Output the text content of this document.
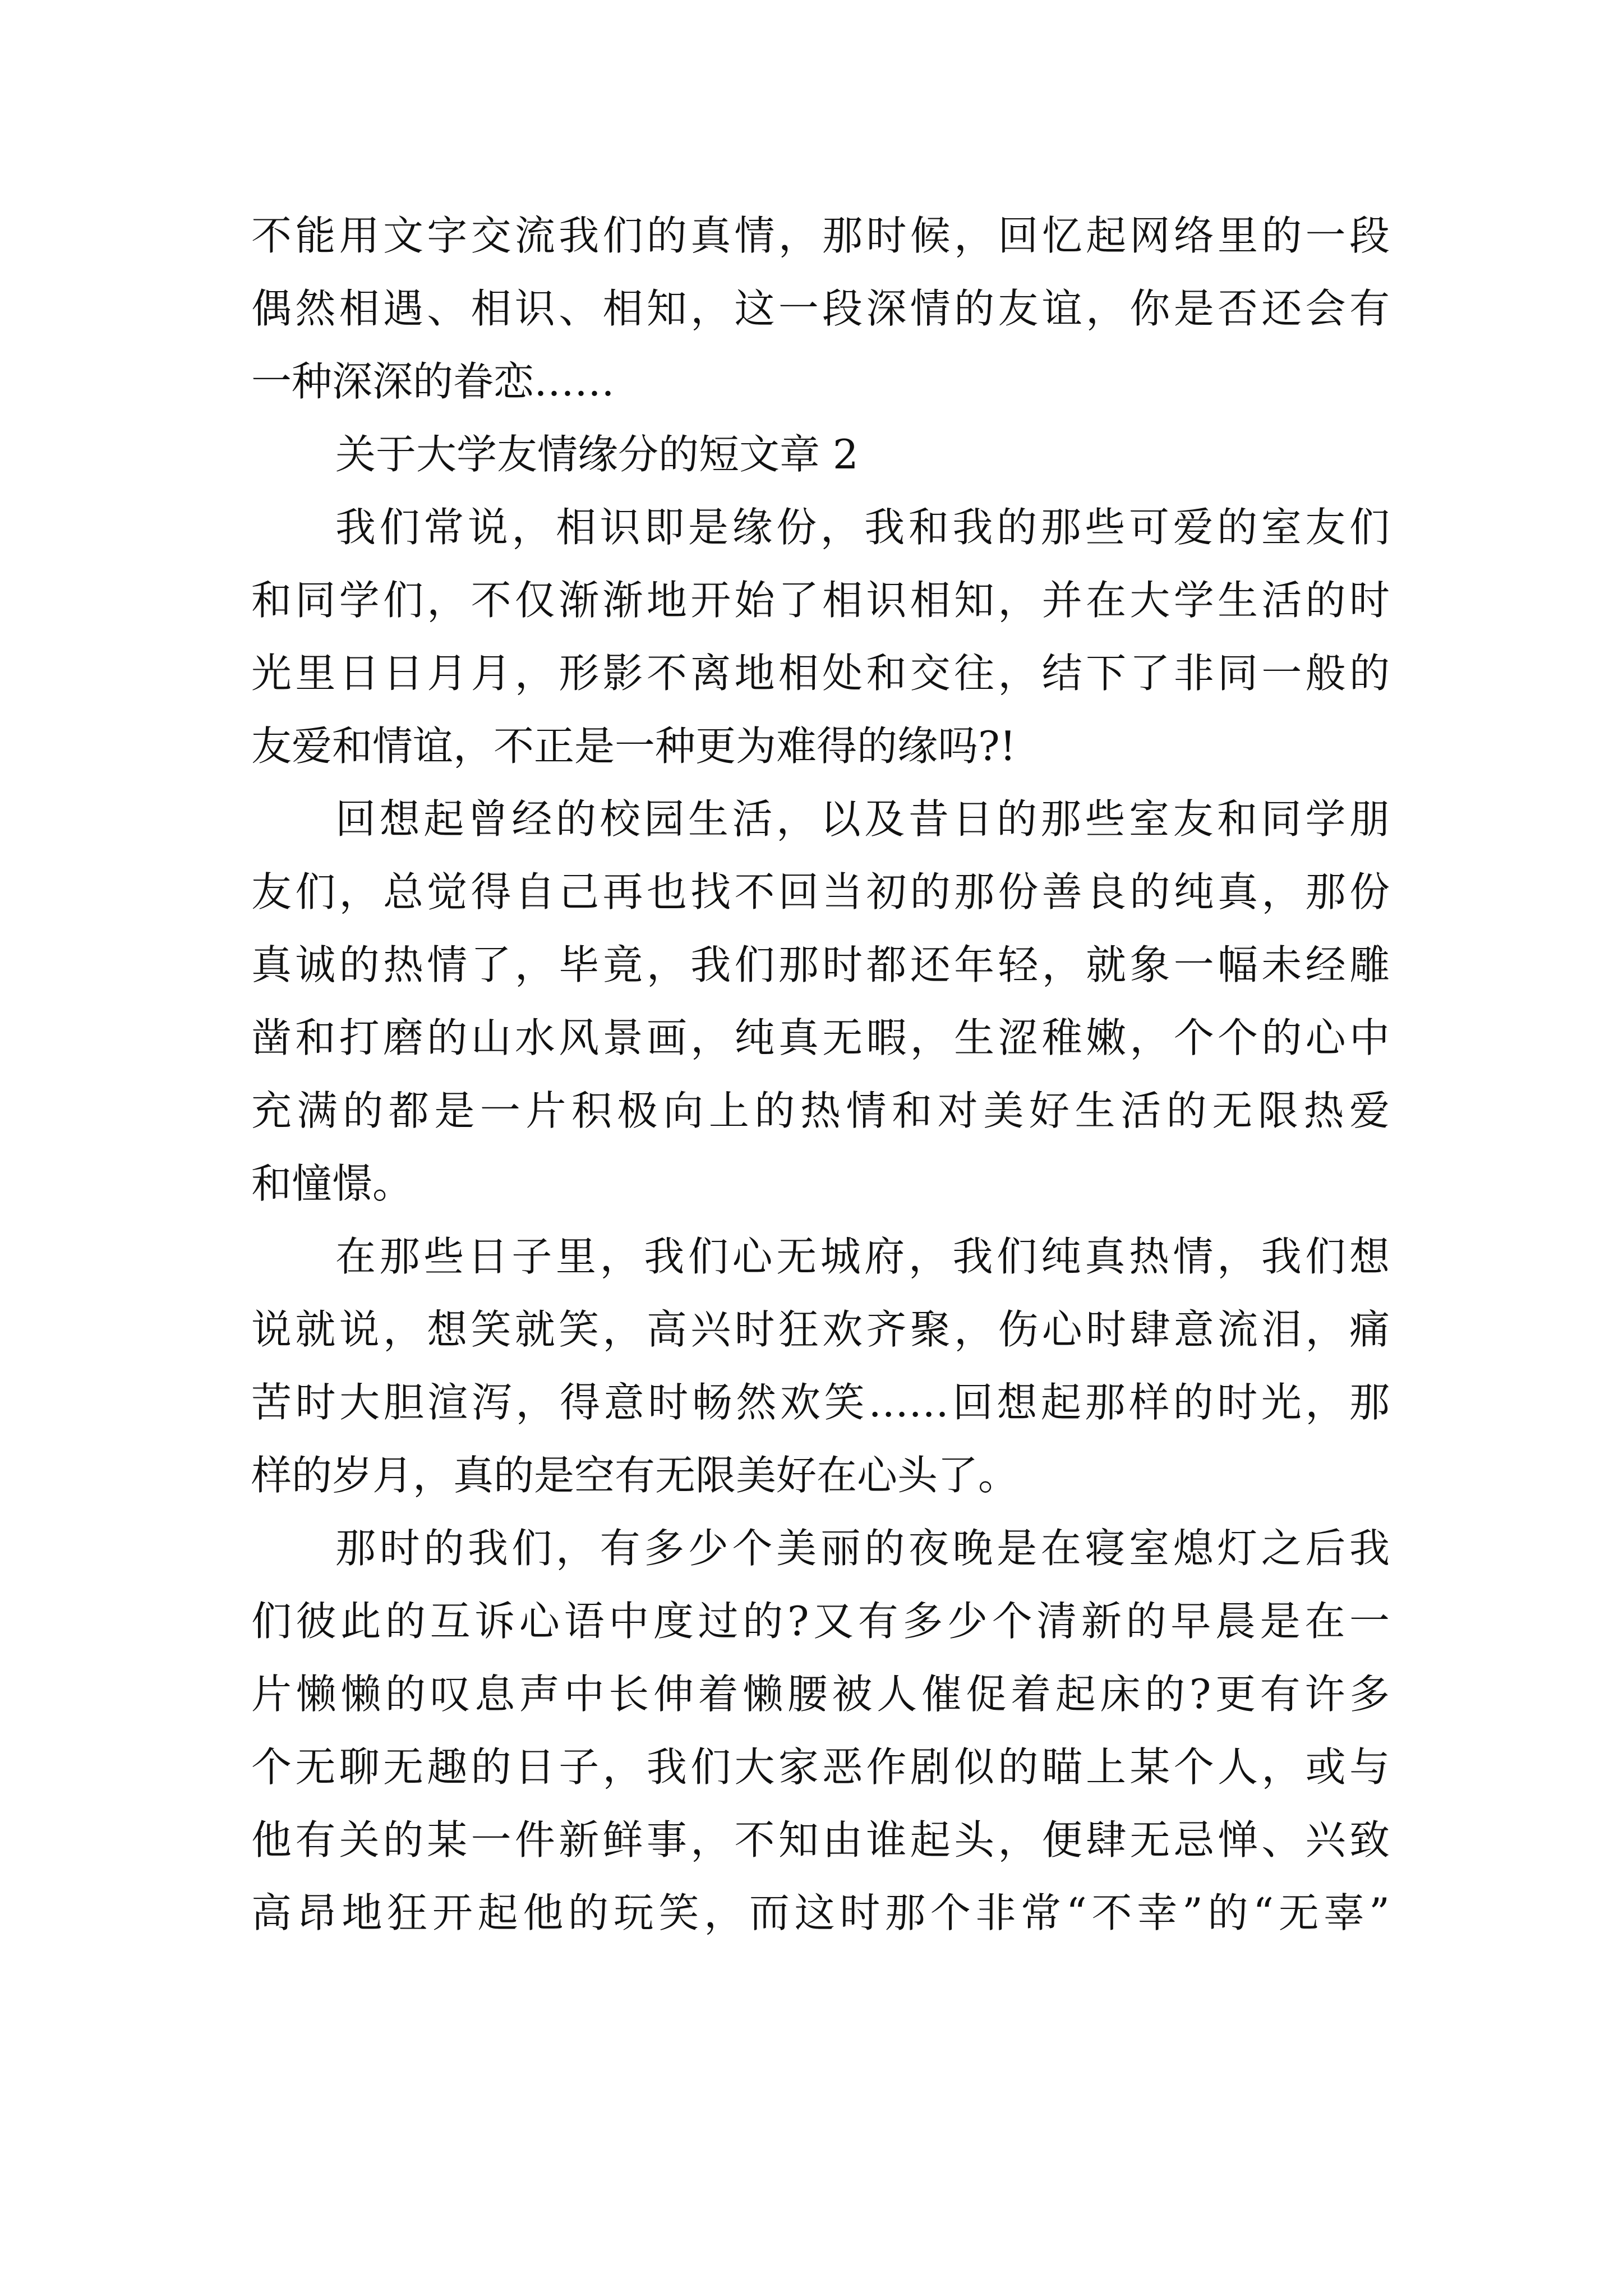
不能用文字交流我们的真情，那时候，回忆起网络里的一段
偶然相遇、相识、相知，这一段深情的友谊，你是否还会有
一种深深的眷恋……
关于大学友情缘分的短文章 2
我们常说，相识即是缘份，我和我的那些可爱的室友们
和同学们，不仅渐渐地开始了相识相知，并在大学生活的时
光里日日月月，形影不离地相处和交往，结下了非同一般的
友爱和情谊，不正是一种更为难得的缘吗?!
回想起曾经的校园生活，以及昔日的那些室友和同学朋
友们，总觉得自己再也找不回当初的那份善良的纯真，那份
真诚的热情了，毕竟，我们那时都还年轻，就象一幅未经雕
凿和打磨的山水风景画，纯真无暇，生涩稚嫩，个个的心中
充满的都是一片积极向上的热情和对美好生活的无限热爱
和憧憬。
在那些日子里，我们心无城府，我们纯真热情，我们想
说就说，想笑就笑，高兴时狂欢齐聚，伤心时肆意流泪，痛
苦时大胆渲泻，得意时畅然欢笑……回想起那样的时光，那
样的岁月，真的是空有无限美好在心头了。
那时的我们，有多少个美丽的夜晚是在寝室熄灯之后我
们彼此的互诉心语中度过的?又有多少个清新的早晨是在一
片懒懒的叹息声中长伸着懒腰被人催促着起床的?更有许多
个无聊无趣的日子，我们大家恶作剧似的瞄上某个人，或与
他有关的某一件新鲜事，不知由谁起头，便肆无忌惮、兴致
高昂地狂开起他的玩笑，而这时那个非常“不幸”的“无辜”
